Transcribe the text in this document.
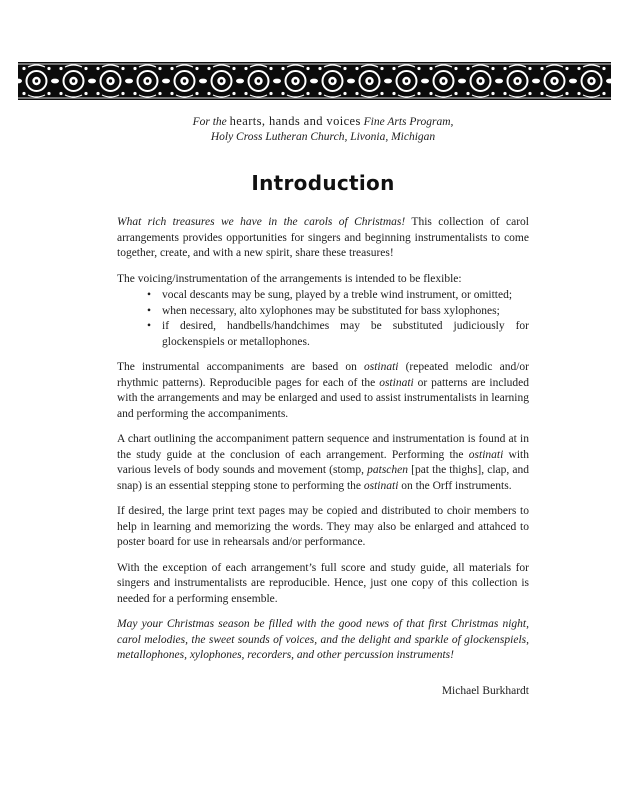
For the hearts, hands and voices Fine Arts Program,

Holy Cross Lutheran Church, Livonia, Michigan

Introduction

What rich treasures we have in the carols of Christmas! This collection of carol arrangements provides opportunities for singers and beginning instrumentalists to come together, create, and with a new spirit, share these treasures!

The voicing/instrumentation of the arrangements is intended to be flexible:

• vocal descants may be sung, played by a treble wind instrument, or omitted;
• when necessary, alto xylophones may be substituted for bass xylophones;
• if desired, handbells/handchimes may be substituted judiciously for glockenspiels or metallophones.

The instrumental accompaniments are based on ostinati (repeated melodic and/or rhythmic patterns). Reproducible pages for each of the ostinati or patterns are included with the arrangements and may be enlarged and used to assist instrumentalists in learning and performing the accompaniments.

A chart outlining the accompaniment pattern sequence and instrumentation is found at in the study guide at the conclusion of each arrangement. Performing the ostinati with various levels of body sounds and movement (stomp, patschen [pat the thighs], clap, and snap) is an essential stepping stone to performing the ostinati on the Orff instruments.

If desired, the large print text pages may be copied and distributed to choir members to help in learning and memorizing the words. They may also be enlarged and attahced to poster board for use in rehearsals and/or performance.

With the exception of each arrangement’s full score and study guide, all materials for singers and instrumentalists are reproducible. Hence, just one copy of this collection is needed for a performing ensemble.

May your Christmas season be filled with the good news of that first Christmas night, carol melodies, the sweet sounds of voices, and the delight and sparkle of glockenspiels, metallophones, xylophones, recorders, and other percussion instruments!

Michael Burkhardt
